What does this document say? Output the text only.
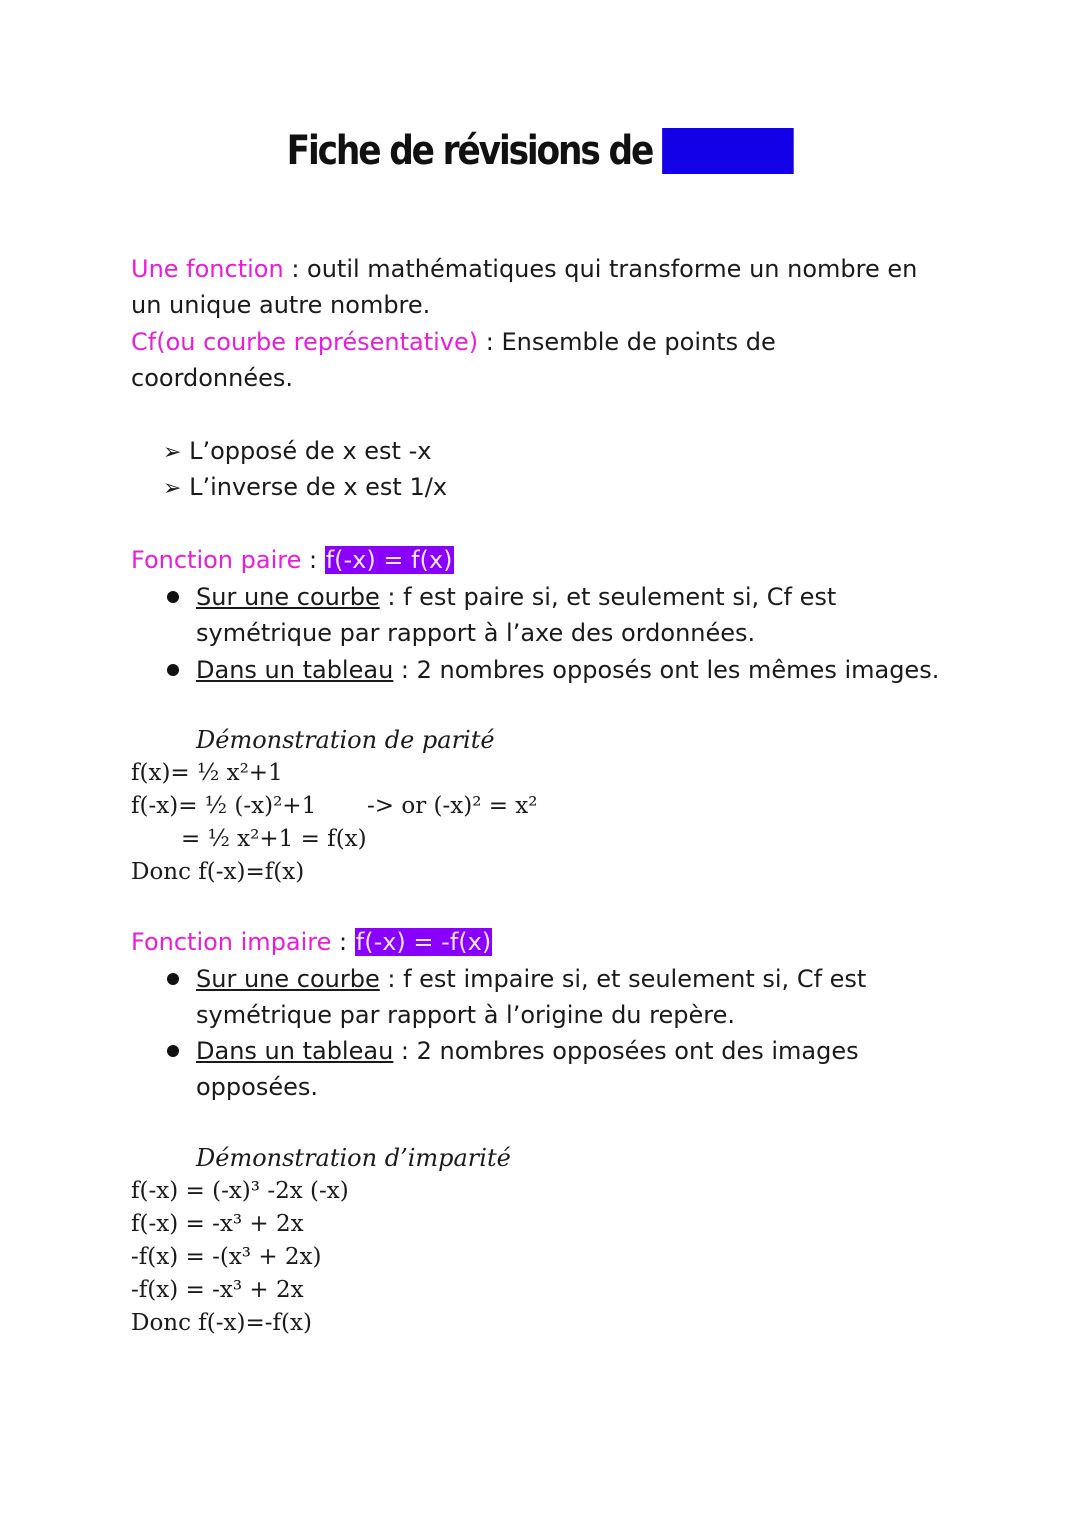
Fiche de révisions de MATHS
Une fonction : outil mathématiques qui transforme un nombre en
un unique autre nombre.
Cf(ou courbe représentative) : Ensemble de points de
coordonnées.
➢ L’opposé de x est -x
➢ L’inverse de x est 1/x
Fonction paire : f(-x) = f(x)
Sur une courbe : f est paire si, et seulement si, Cf est
symétrique par rapport à l’axe des ordonnées.
Dans un tableau : 2 nombres opposés ont les mêmes images.
Démonstration de parité
f(x)= ½ x²+1
f(-x)= ½ (-x)²+1 -> or (-x)² = x²
= ½ x²+1 = f(x)
Donc f(-x)=f(x)
Fonction impaire : f(-x) = -f(x)
Sur une courbe : f est impaire si, et seulement si, Cf est
symétrique par rapport à l’origine du repère.
Dans un tableau : 2 nombres opposées ont des images
opposées.
Démonstration d’imparité
f(-x) = (-x)³ -2x (-x)
f(-x) = -x³ + 2x
-f(x) = -(x³ + 2x)
-f(x) = -x³ + 2x
Donc f(-x)=-f(x)
